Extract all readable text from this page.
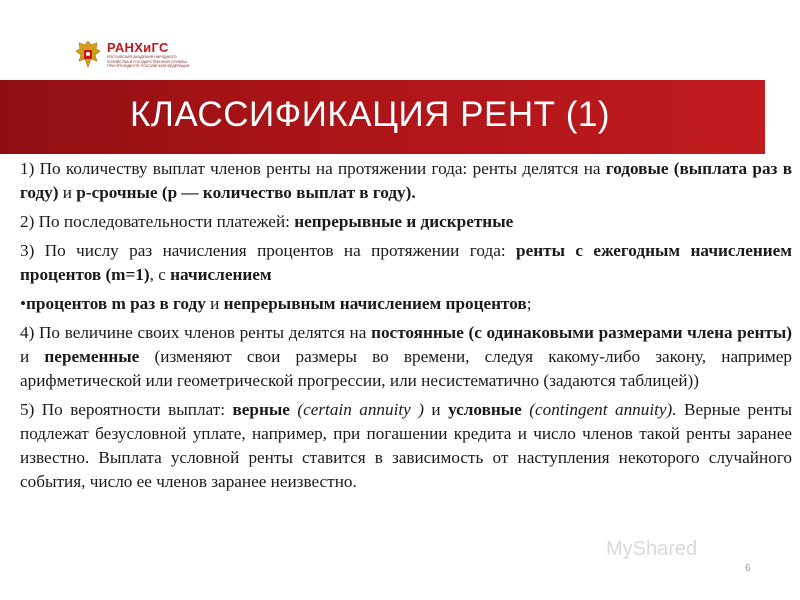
РАНХиГС
РОССИЙСКАЯ АКАДЕМИЯ НАРОДНОГО ХОЗЯЙСТВА И ГОСУДАРСТВЕННОЙ СЛУЖБЫ ПРИ ПРЕЗИДЕНТЕ РОССИЙСКОЙ ФЕДЕРАЦИИ
КЛАССИФИКАЦИЯ РЕНТ (1)

1) По количеству выплат членов ренты на протяжении года: ренты делятся на годовые (выплата раз в году) и p-срочные (p — количество выплат в году).

2) По последовательности платежей: непрерывные и дискретные

3) По числу раз начисления процентов на протяжении года: ренты с ежегодным начислением процентов (m=1), с начислением

•процентов m раз в году и непрерывным начислением процентов;

4) По величине своих членов ренты делятся на постоянные (с одинаковыми размерами члена ренты) и переменные (изменяют свои размеры во времени, следуя какому-либо закону, например арифметической или геометрической прогрессии, или несистематично (задаются таблицей))

5) По вероятности выплат: верные (certain annuity ) и условные (contingent annuity). Верные ренты подлежат безусловной уплате, например, при погашении кредита и число членов такой ренты заранее известно. Выплата условной ренты ставится в зависимость от наступления некоторого случайного события, число ее членов заранее неизвестно.

MyShared
6
